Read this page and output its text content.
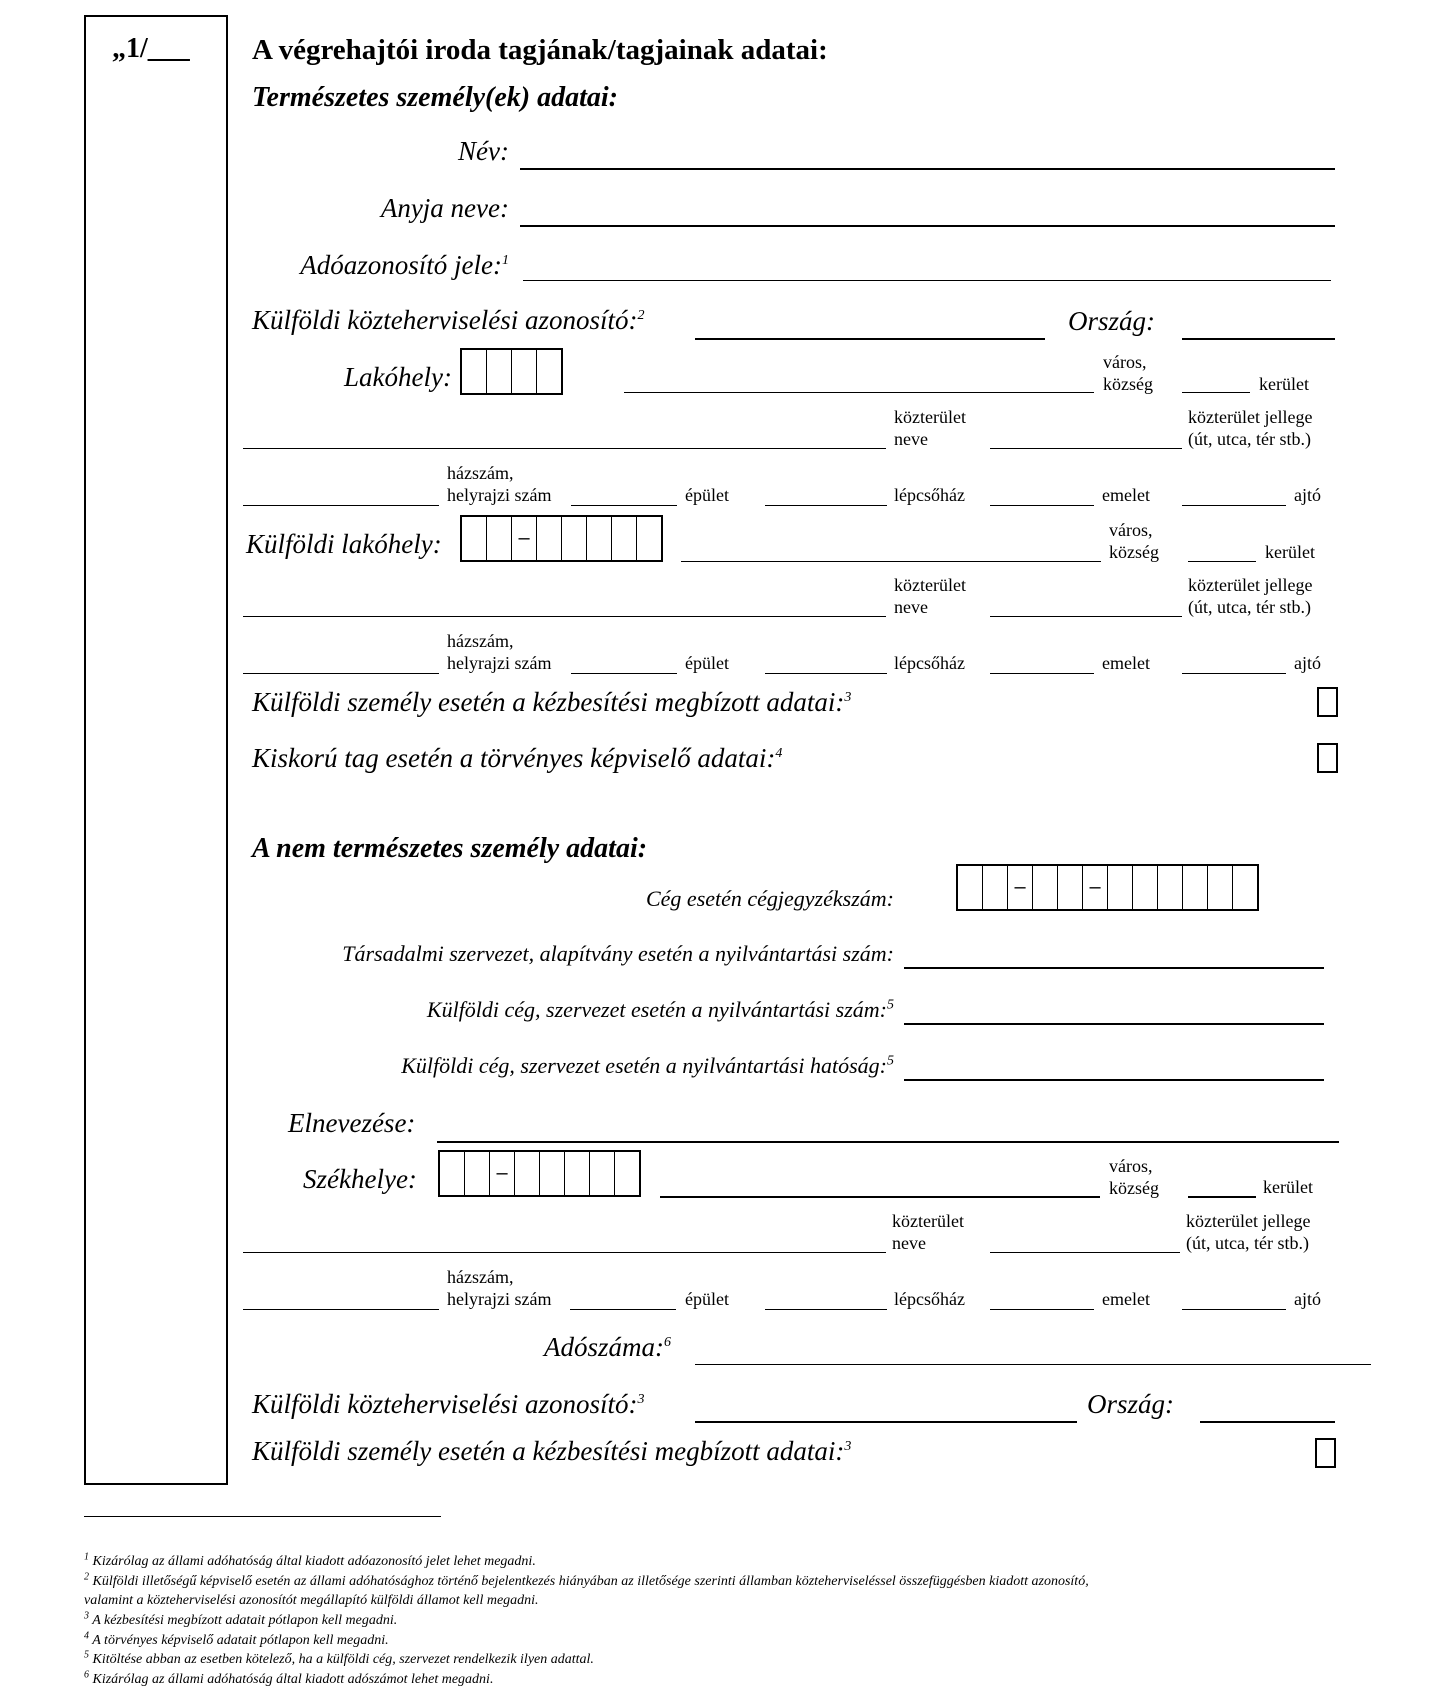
„1/___ A végrehajtói iroda tagjának/tagjainak adatai:
Természetes személy(ek) adatai:
Név:
Anyja neve:
Adóazonosító jele:$^1$
Külföldi közteherviselési azonosító:$^2$	Ország:
Lakóhely:	város,
község	kerület
közterület
neve
közterület jellege
(út, utca, tér stb.)
házszám,
helyrajzi szám	épület	lépcsőház	emelet	ajtó
Külföldi lakóhely:	–	város,
község	kerület
közterület
neve
közterület jellege
(út, utca, tér stb.)
házszám,
helyrajzi szám	épület	lépcsőház	emelet	ajtó
Külföldi személy esetén a kézbesítési megbízott adatai:$^3$
Kiskorú tag esetén a törvényes képviselő adatai:$^4$
A nem természetes személy adatai:
Cég esetén cégjegyzékszám:	–	–
Társadalmi szervezet, alapítvány esetén a nyilvántartási szám:
Külföldi cég, szervezet esetén a nyilvántartási szám:$^5$
Külföldi cég, szervezet esetén a nyilvántartási hatóság:$^5$
Elnevezése:
Székhelye:	–	város,
község	kerület
közterület
neve
közterület jellege
(út, utca, tér stb.)
házszám,
helyrajzi szám	épület	lépcsőház	emelet	ajtó
Adószáma:$^6$
Külföldi közteherviselési azonosító:$^3$	Ország:
Külföldi személy esetén a kézbesítési megbízott adatai:$^3$
$^1$ Kizárólag az állami adóhatóság által kiadott adóazonosító jelet lehet megadni.
$^2$ Külföldi illetőségű képviselő esetén az állami adóhatósághoz történő bejelentkezés hiányában az illetősége szerinti államban közteherviseléssel összefüggésben kiadott azonosító,
valamint a közteherviselési azonosítót megállapító külföldi államot kell megadni.
$^3$ A kézbesítési megbízott adatait pótlapon kell megadni.
$^4$ A törvényes képviselő adatait pótlapon kell megadni.
$^5$ Kitöltése abban az esetben kötelező, ha a külföldi cég, szervezet rendelkezik ilyen adattal.
$^6$ Kizárólag az állami adóhatóság által kiadott adószámot lehet megadni.
